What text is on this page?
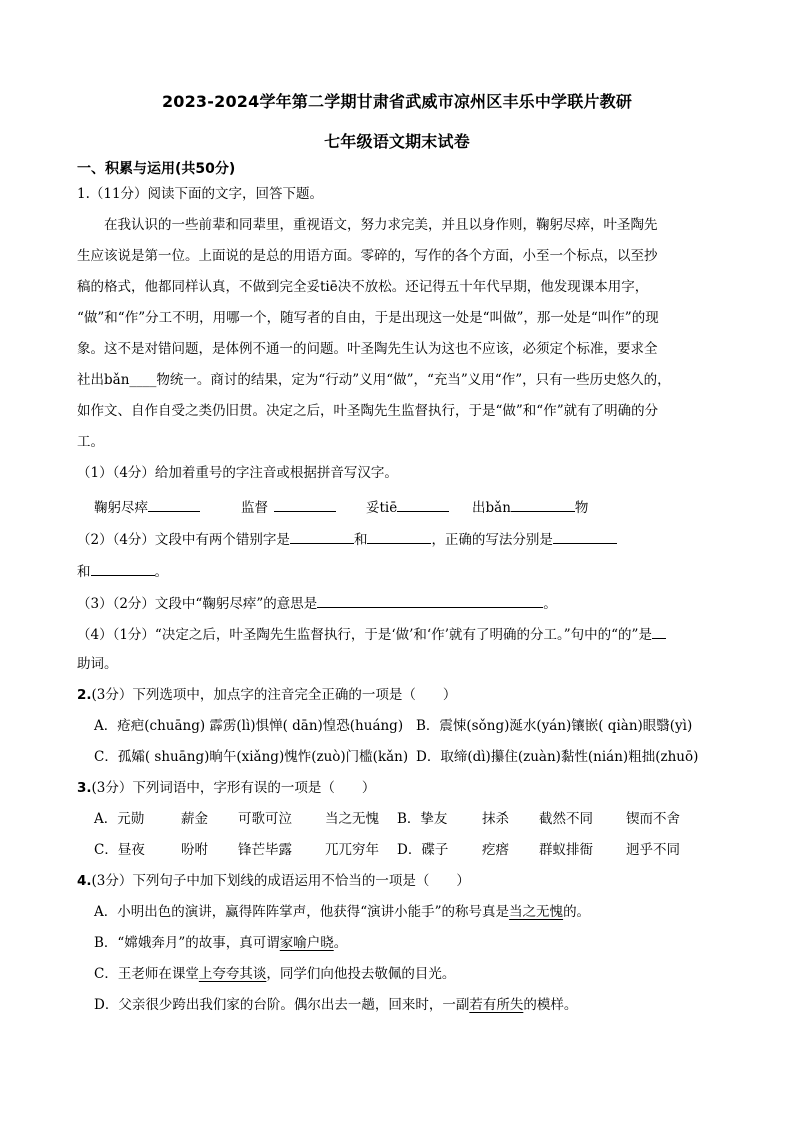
2023-2024学年第二学期甘肃省武威市凉州区丰乐中学联片教研
七年级语文期末试卷
一、积累与运用(共50分)
1.（11分）阅读下面的文字，回答下题。
在我认识的一些前辈和同辈里，重视语文，努力求完美，并且以身作则，鞠躬尽瘁，叶圣陶先
生应该说是第一位。上面说的是总的用语方面。零碎的，写作的各个方面，小至一个标点，以至抄
稿的格式，他都同样认真，不做到完全妥tiē决不放松。还记得五十年代早期，他发现课本用字，
“做”和“作”分工不明，用哪一个，随写者的自由，于是出现这一处是“叫做”，那一处是“叫作”的现
象。这不是对错问题，是体例不通一的问题。叶圣陶先生认为这也不应该，必须定个标准，要求全
社出bǎn____物统一。商讨的结果，定为“行动”义用“做”，“充当”义用“作”，只有一些历史悠久的，
如作文、自作自受之类仍旧贯。决定之后，叶圣陶先生监督执行，于是“做”和“作”就有了明确的分
工。
（1）（4分）给加着重号的字注音或根据拼音写汉字。
鞠躬尽瘁	监督	妥tiē	出bǎn	物
（2）（4分）文段中有两个错别字是	和	，正确的写法分别是
和	。
（3）（2分）文段中“鞠躬尽瘁”的意思是	。
（4）（1分）“决定之后，叶圣陶先生监督执行，于是‘做’和‘作’就有了明确的分工。”句中的“的”是
助词。
2.(3分）下列选项中，加点字的注音完全正确的一项是（　　）
A．疮疤(chuāng) 霹雳(lì)惧惮( dān)惶恐(huáng) B．震悚(sǒng)涎水(yán)镶嵌( qiàn)眼翳(yì)
C．孤孀( shuāng)晌午(xiǎng)愧怍(zuò)门槛(kǎn) D．取缔(dì)攥住(zuàn)黏性(nián)粗拙(zhuō)
3.(3分）下列词语中，字形有误的一项是（　　）
A．元勋	薪金 可歌可泣 当之无愧 B．挚友	抹杀 截然不同 锲而不舍
C．昼夜	吩咐 锋芒毕露 兀兀穷年 D．碟子 疙瘩 群蚁排衙 迥乎不同
4.(3分）下列句子中加下划线的成语运用不恰当的一项是（　　）
A．小明出色的演讲，赢得阵阵掌声，他获得“演讲小能手”的称号真是当之无愧的。
B．“嫦娥奔月”的故事，真可谓家喻户晓。
C．王老师在课堂上夸夸其谈，同学们向他投去敬佩的目光。
D．父亲很少跨出我们家的台阶。偶尔出去一趟，回来时，一副若有所失的模样。
